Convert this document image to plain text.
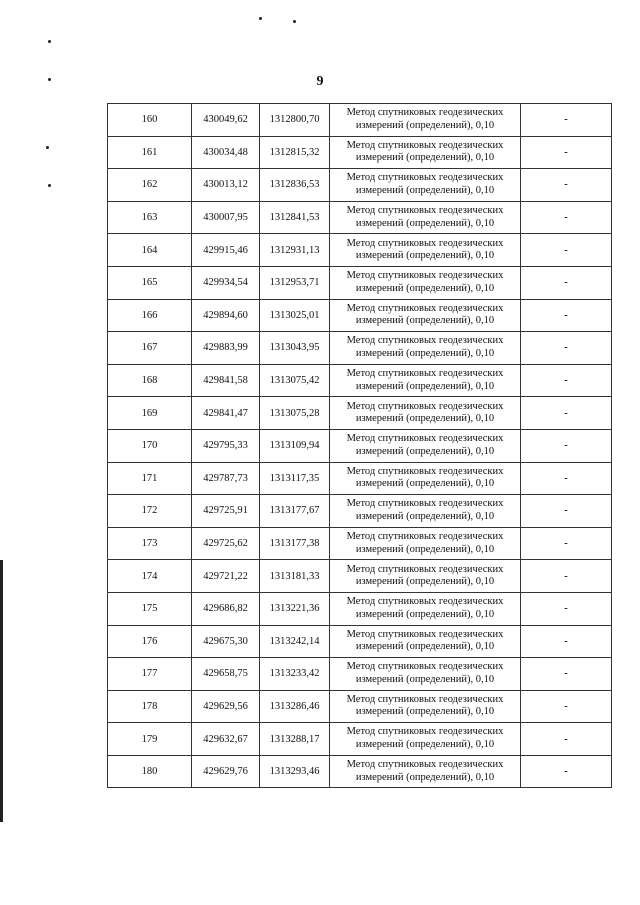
9
160	430049,62	1312800,70	Метод спутниковых геодезических
измерений (определений), 0,10	-
161	430034,48	1312815,32	Метод спутниковых геодезических
измерений (определений), 0,10	-
162	430013,12	1312836,53	Метод спутниковых геодезических
измерений (определений), 0,10	-
163	430007,95	1312841,53	Метод спутниковых геодезических
измерений (определений), 0,10	-
164	429915,46	1312931,13	Метод спутниковых геодезических
измерений (определений), 0,10	-
165	429934,54	1312953,71	Метод спутниковых геодезических
измерений (определений), 0,10	-
166	429894,60	1313025,01	Метод спутниковых геодезических
измерений (определений), 0,10	-
167	429883,99	1313043,95	Метод спутниковых геодезических
измерений (определений), 0,10	-
168	429841,58	1313075,42	Метод спутниковых геодезических
измерений (определений), 0,10	-
169	429841,47	1313075,28	Метод спутниковых геодезических
измерений (определений), 0,10	-
170	429795,33	1313109,94	Метод спутниковых геодезических
измерений (определений), 0,10	-
171	429787,73	1313117,35	Метод спутниковых геодезических
измерений (определений), 0,10	-
172	429725,91	1313177,67	Метод спутниковых геодезических
измерений (определений), 0,10	-
173	429725,62	1313177,38	Метод спутниковых геодезических
измерений (определений), 0,10	-
174	429721,22	1313181,33	Метод спутниковых геодезических
измерений (определений), 0,10	-
175	429686,82	1313221,36	Метод спутниковых геодезических
измерений (определений), 0,10	-
176	429675,30	1313242,14	Метод спутниковых геодезических
измерений (определений), 0,10	-
177	429658,75	1313233,42	Метод спутниковых геодезических
измерений (определений), 0,10	-
178	429629,56	1313286,46	Метод спутниковых геодезических
измерений (определений), 0,10	-
179	429632,67	1313288,17	Метод спутниковых геодезических
измерений (определений), 0,10	-
180	429629,76	1313293,46	Метод спутниковых геодезических
измерений (определений), 0,10	-
